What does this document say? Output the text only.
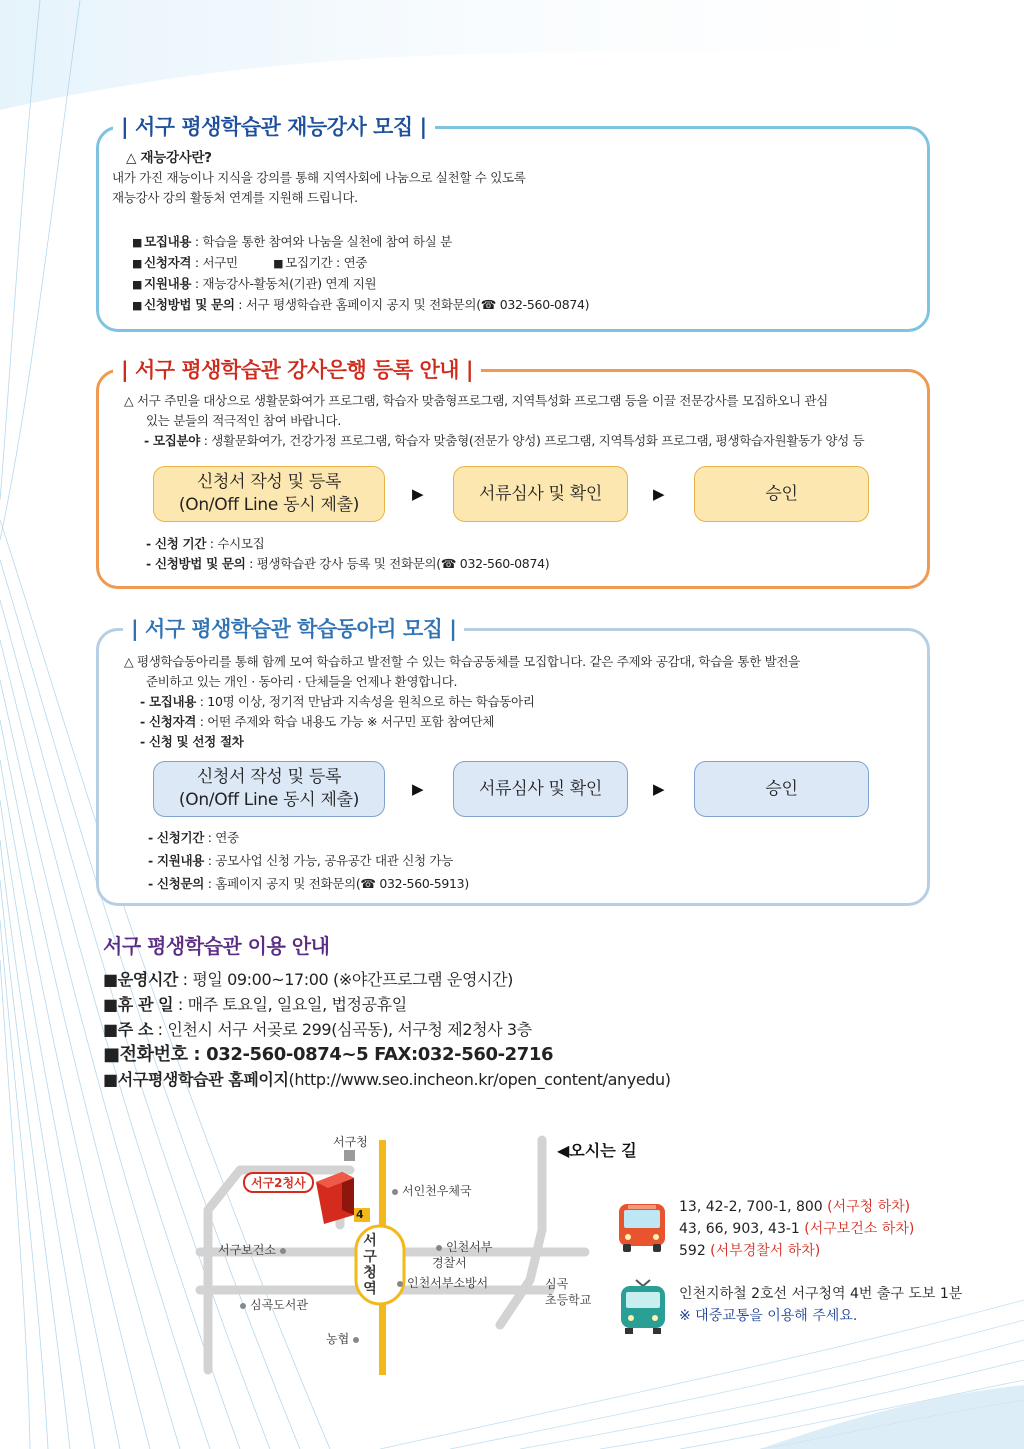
| 서구 평생학습관 재능강사 모집 |
△ 재능강사란?
내가 가진 재능이나 지식을 강의를 통해 지역사회에 나눔으로 실천할 수 있도록
재능강사 강의 활동처 연계를 지원해 드립니다.
■ 모집내용 : 학습을 통한 참여와 나눔을 실천에 참여 하실 분
■ 신청자격 : 서구민	■ 모집기간 : 연중
■ 지원내용 : 재능강사-활동처(기관) 연계 지원
■ 신청방법 및 문의 : 서구 평생학습관 홈페이지 공지 및 전화문의(☎ 032-560-0874)
| 서구 평생학습관 강사은행 등록 안내 |
△ 서구 주민을 대상으로 생활문화여가 프로그램, 학습자 맞춤형프로그램, 지역특성화 프로그램 등을 이끌 전문강사를 모집하오니 관심
있는 분들의 적극적인 참여 바랍니다.
- 모집분야 : 생활문화여가, 건강가정 프로그램, 학습자 맞춤형(전문가 양성) 프로그램, 지역특성화 프로그램, 평생학습자원활동가 양성 등
신청서 작성 및 등록
(On/Off Line 동시 제출)
▶	서류심사 및 확인	▶	승인
- 신청 기간 : 수시모집
- 신청방법 및 문의 : 평생학습관 강사 등록 및 전화문의(☎ 032-560-0874)
| 서구 평생학습관 학습동아리 모집 |
△ 평생학습동아리를 통해 함께 모여 학습하고 발전할 수 있는 학습공동체를 모집합니다. 같은 주제와 공감대, 학습을 통한 발전을
준비하고 있는 개인 · 동아리 · 단체들을 언제나 환영합니다.
- 모집내용 : 10명 이상, 정기적 만남과 지속성을 원칙으로 하는 학습동아리
- 신청자격 : 어떤 주제와 학습 내용도 가능 ※ 서구민 포함 참여단체
- 신청 및 선정 절차
신청서 작성 및 등록
(On/Off Line 동시 제출)
▶	서류심사 및 확인	▶	승인
- 신청기간 : 연중
- 지원내용 : 공모사업 신청 가능, 공유공간 대관 신청 가능
- 신청문의 : 홈페이지 공지 및 전화문의(☎ 032-560-5913)
서구 평생학습관 이용 안내
■운영시간 : 평일 09:00~17:00 (※야간프로그램 운영시간)
■휴 관 일 : 매주 토요일, 일요일, 법정공휴일
■주 소 : 인천시 서구 서곶로 299(심곡동), 서구청 제2청사 3층
■전화번호 : 032-560-0874~5 FAX:032-560-2716
■서구평생학습관 홈페이지(http://www.seo.incheon.kr/open_content/anyedu)
서구청
서구2청사
4
서인천우체국

인천서부
경찰서

서구보건소
서구청역	인천서부소방서	심곡
초등학교

심곡도서관
농협
◀오시는 길
13, 42-2, 700-1, 800 (서구청 하차)
43, 66, 903, 43-1 (서구보건소 하차)
592 (서부경찰서 하차)
인천지하철 2호선 서구청역 4번 출구 도보 1분
※ 대중교통을 이용해 주세요.
